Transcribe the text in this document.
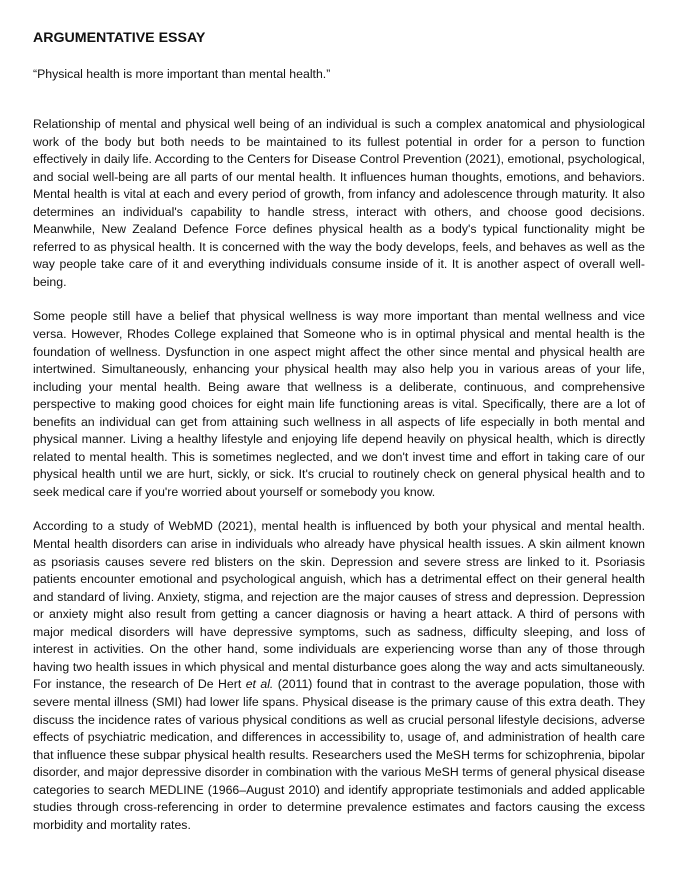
ARGUMENTATIVE ESSAY

“Physical health is more important than mental health.”

Relationship of mental and physical well being of an individual is such a complex anatomical and physiological work of the body but both needs to be maintained to its fullest potential in order for a person to function effectively in daily life. According to the Centers for Disease Control Prevention (2021), emotional, psychological, and social well-being are all parts of our mental health. It influences human thoughts, emotions, and behaviors. Mental health is vital at each and every period of growth, from infancy and adolescence through maturity. It also determines an individual's capability to handle stress, interact with others, and choose good decisions. Meanwhile, New Zealand Defence Force defines physical health as a body's typical functionality might be referred to as physical health. It is concerned with the way the body develops, feels, and behaves as well as the way people take care of it and everything individuals consume inside of it. It is another aspect of overall well-being.

Some people still have a belief that physical wellness is way more important than mental wellness and vice versa. However, Rhodes College explained that Someone who is in optimal physical and mental health is the foundation of wellness. Dysfunction in one aspect might affect the other since mental and physical health are intertwined. Simultaneously, enhancing your physical health may also help you in various areas of your life, including your mental health. Being aware that wellness is a deliberate, continuous, and comprehensive perspective to making good choices for eight main life functioning areas is vital. Specifically, there are a lot of benefits an individual can get from attaining such wellness in all aspects of life especially in both mental and physical manner. Living a healthy lifestyle and enjoying life depend heavily on physical health, which is directly related to mental health. This is sometimes neglected, and we don't invest time and effort in taking care of our physical health until we are hurt, sickly, or sick. It's crucial to routinely check on general physical health and to seek medical care if you're worried about yourself or somebody you know.

According to a study of WebMD (2021), mental health is influenced by both your physical and mental health. Mental health disorders can arise in individuals who already have physical health issues. A skin ailment known as psoriasis causes severe red blisters on the skin. Depression and severe stress are linked to it. Psoriasis patients encounter emotional and psychological anguish, which has a detrimental effect on their general health and standard of living. Anxiety, stigma, and rejection are the major causes of stress and depression. Depression or anxiety might also result from getting a cancer diagnosis or having a heart attack. A third of persons with major medical disorders will have depressive symptoms, such as sadness, difficulty sleeping, and loss of interest in activities. On the other hand, some individuals are experiencing worse than any of those through having two health issues in which physical and mental disturbance goes along the way and acts simultaneously. For instance, the research of De Hert et al. (2011) found that in contrast to the average population, those with severe mental illness (SMI) had lower life spans. Physical disease is the primary cause of this extra death. They discuss the incidence rates of various physical conditions as well as crucial personal lifestyle decisions, adverse effects of psychiatric medication, and differences in accessibility to, usage of, and administration of health care that influence these subpar physical health results. Researchers used the MeSH terms for schizophrenia, bipolar disorder, and major depressive disorder in combination with the various MeSH terms of general physical disease categories to search MEDLINE (1966–August 2010) and identify appropriate testimonials and added applicable studies through cross-referencing in order to determine prevalence estimates and factors causing the excess morbidity and mortality rates.
